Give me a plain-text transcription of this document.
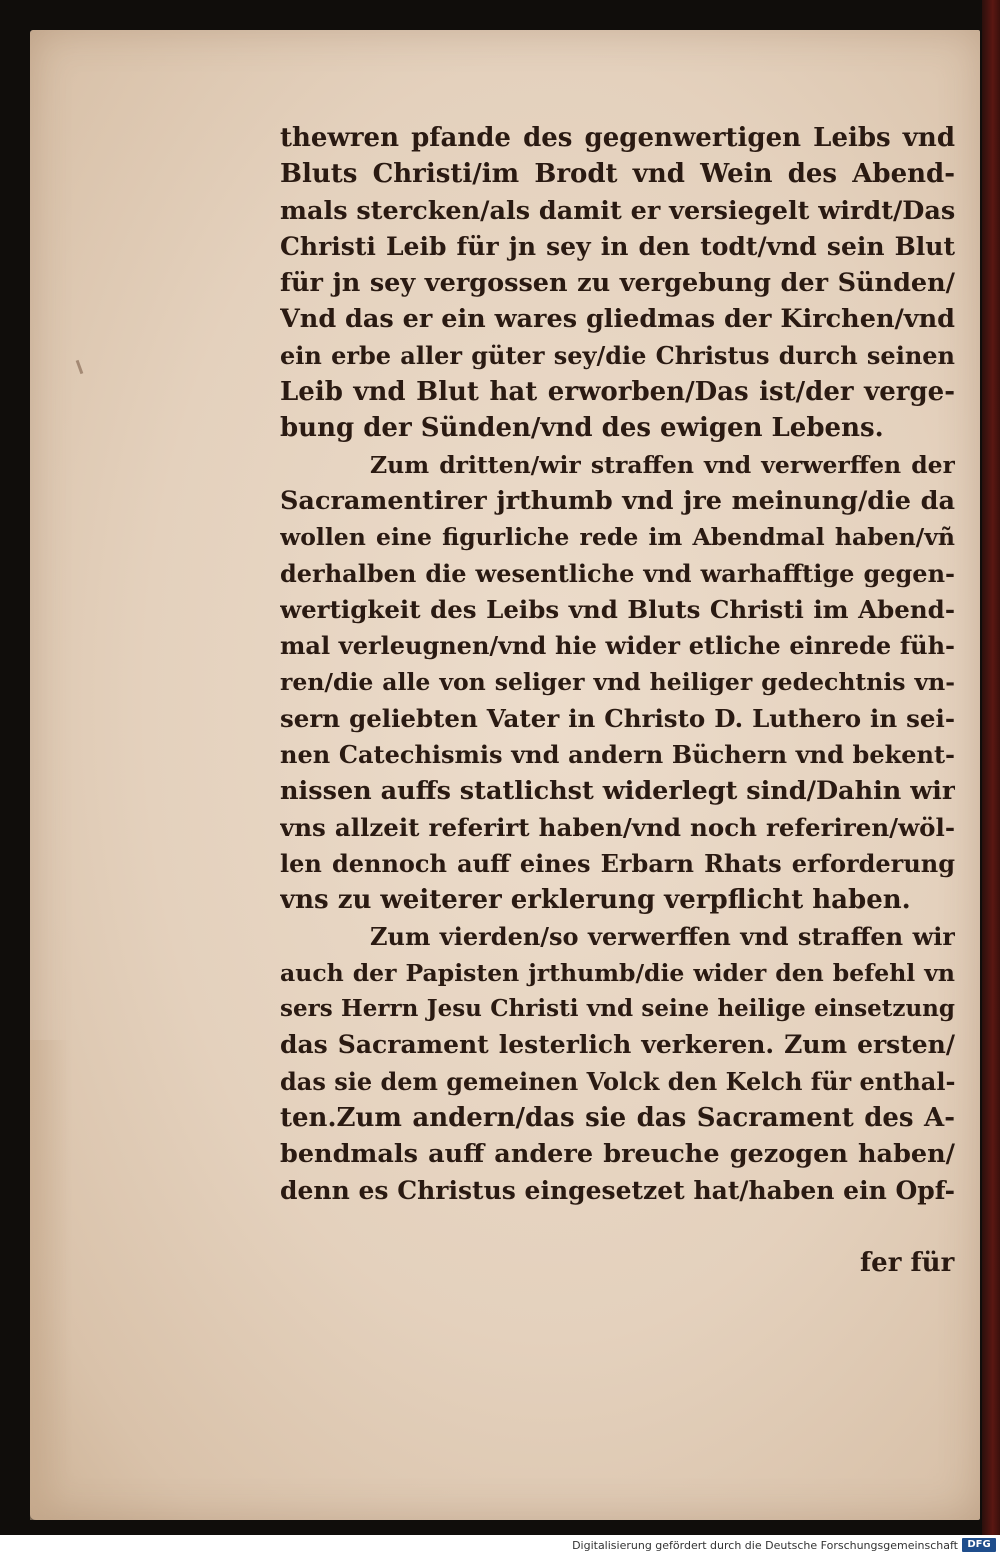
thewren pfande des gegenwertigen Leibs vnd
Bluts Christi/im Brodt vnd Wein des Abend-
mals stercken/als damit er versiegelt wirdt/Das
Christi Leib für jn sey in den todt/vnd sein Blut
für jn sey vergossen zu vergebung der Sünden/
Vnd das er ein wares gliedmas der Kirchen/vnd
ein erbe aller güter sey/die Christus durch seinen
Leib vnd Blut hat erworben/Das ist/der verge-
bung der Sünden/vnd des ewigen Lebens.
Zum dritten/wir straffen vnd verwerffen der
Sacramentirer jrthumb vnd jre meinung/die da
wollen eine figurliche rede im Abendmal haben/vñ
derhalben die wesentliche vnd warhafftige gegen-
wertigkeit des Leibs vnd Bluts Christi im Abend-
mal verleugnen/vnd hie wider etliche einrede füh-
ren/die alle von seliger vnd heiliger gedechtnis vn-
sern geliebten Vater in Christo D. Luthero in sei-
nen Catechismis vnd andern Büchern vnd bekent-
nissen auffs statlichst widerlegt sind/Dahin wir
vns allzeit referirt haben/vnd noch referiren/wöl-
len dennoch auff eines Erbarn Rhats erforderung
vns zu weiterer erklerung verpflicht haben.
Zum vierden/so verwerffen vnd straffen wir
auch der Papisten jrthumb/die wider den befehl vn
sers Herrn Jesu Christi vnd seine heilige einsetzung
das Sacrament lesterlich verkeren. Zum ersten/
das sie dem gemeinen Volck den Kelch für enthal-
ten.Zum andern/das sie das Sacrament des A-
bendmals auff andere breuche gezogen haben/
denn es Christus eingesetzet hat/haben ein Opf-
fer für
Digitalisierung gefördert durch die Deutsche Forschungsgemeinschaft DFG
